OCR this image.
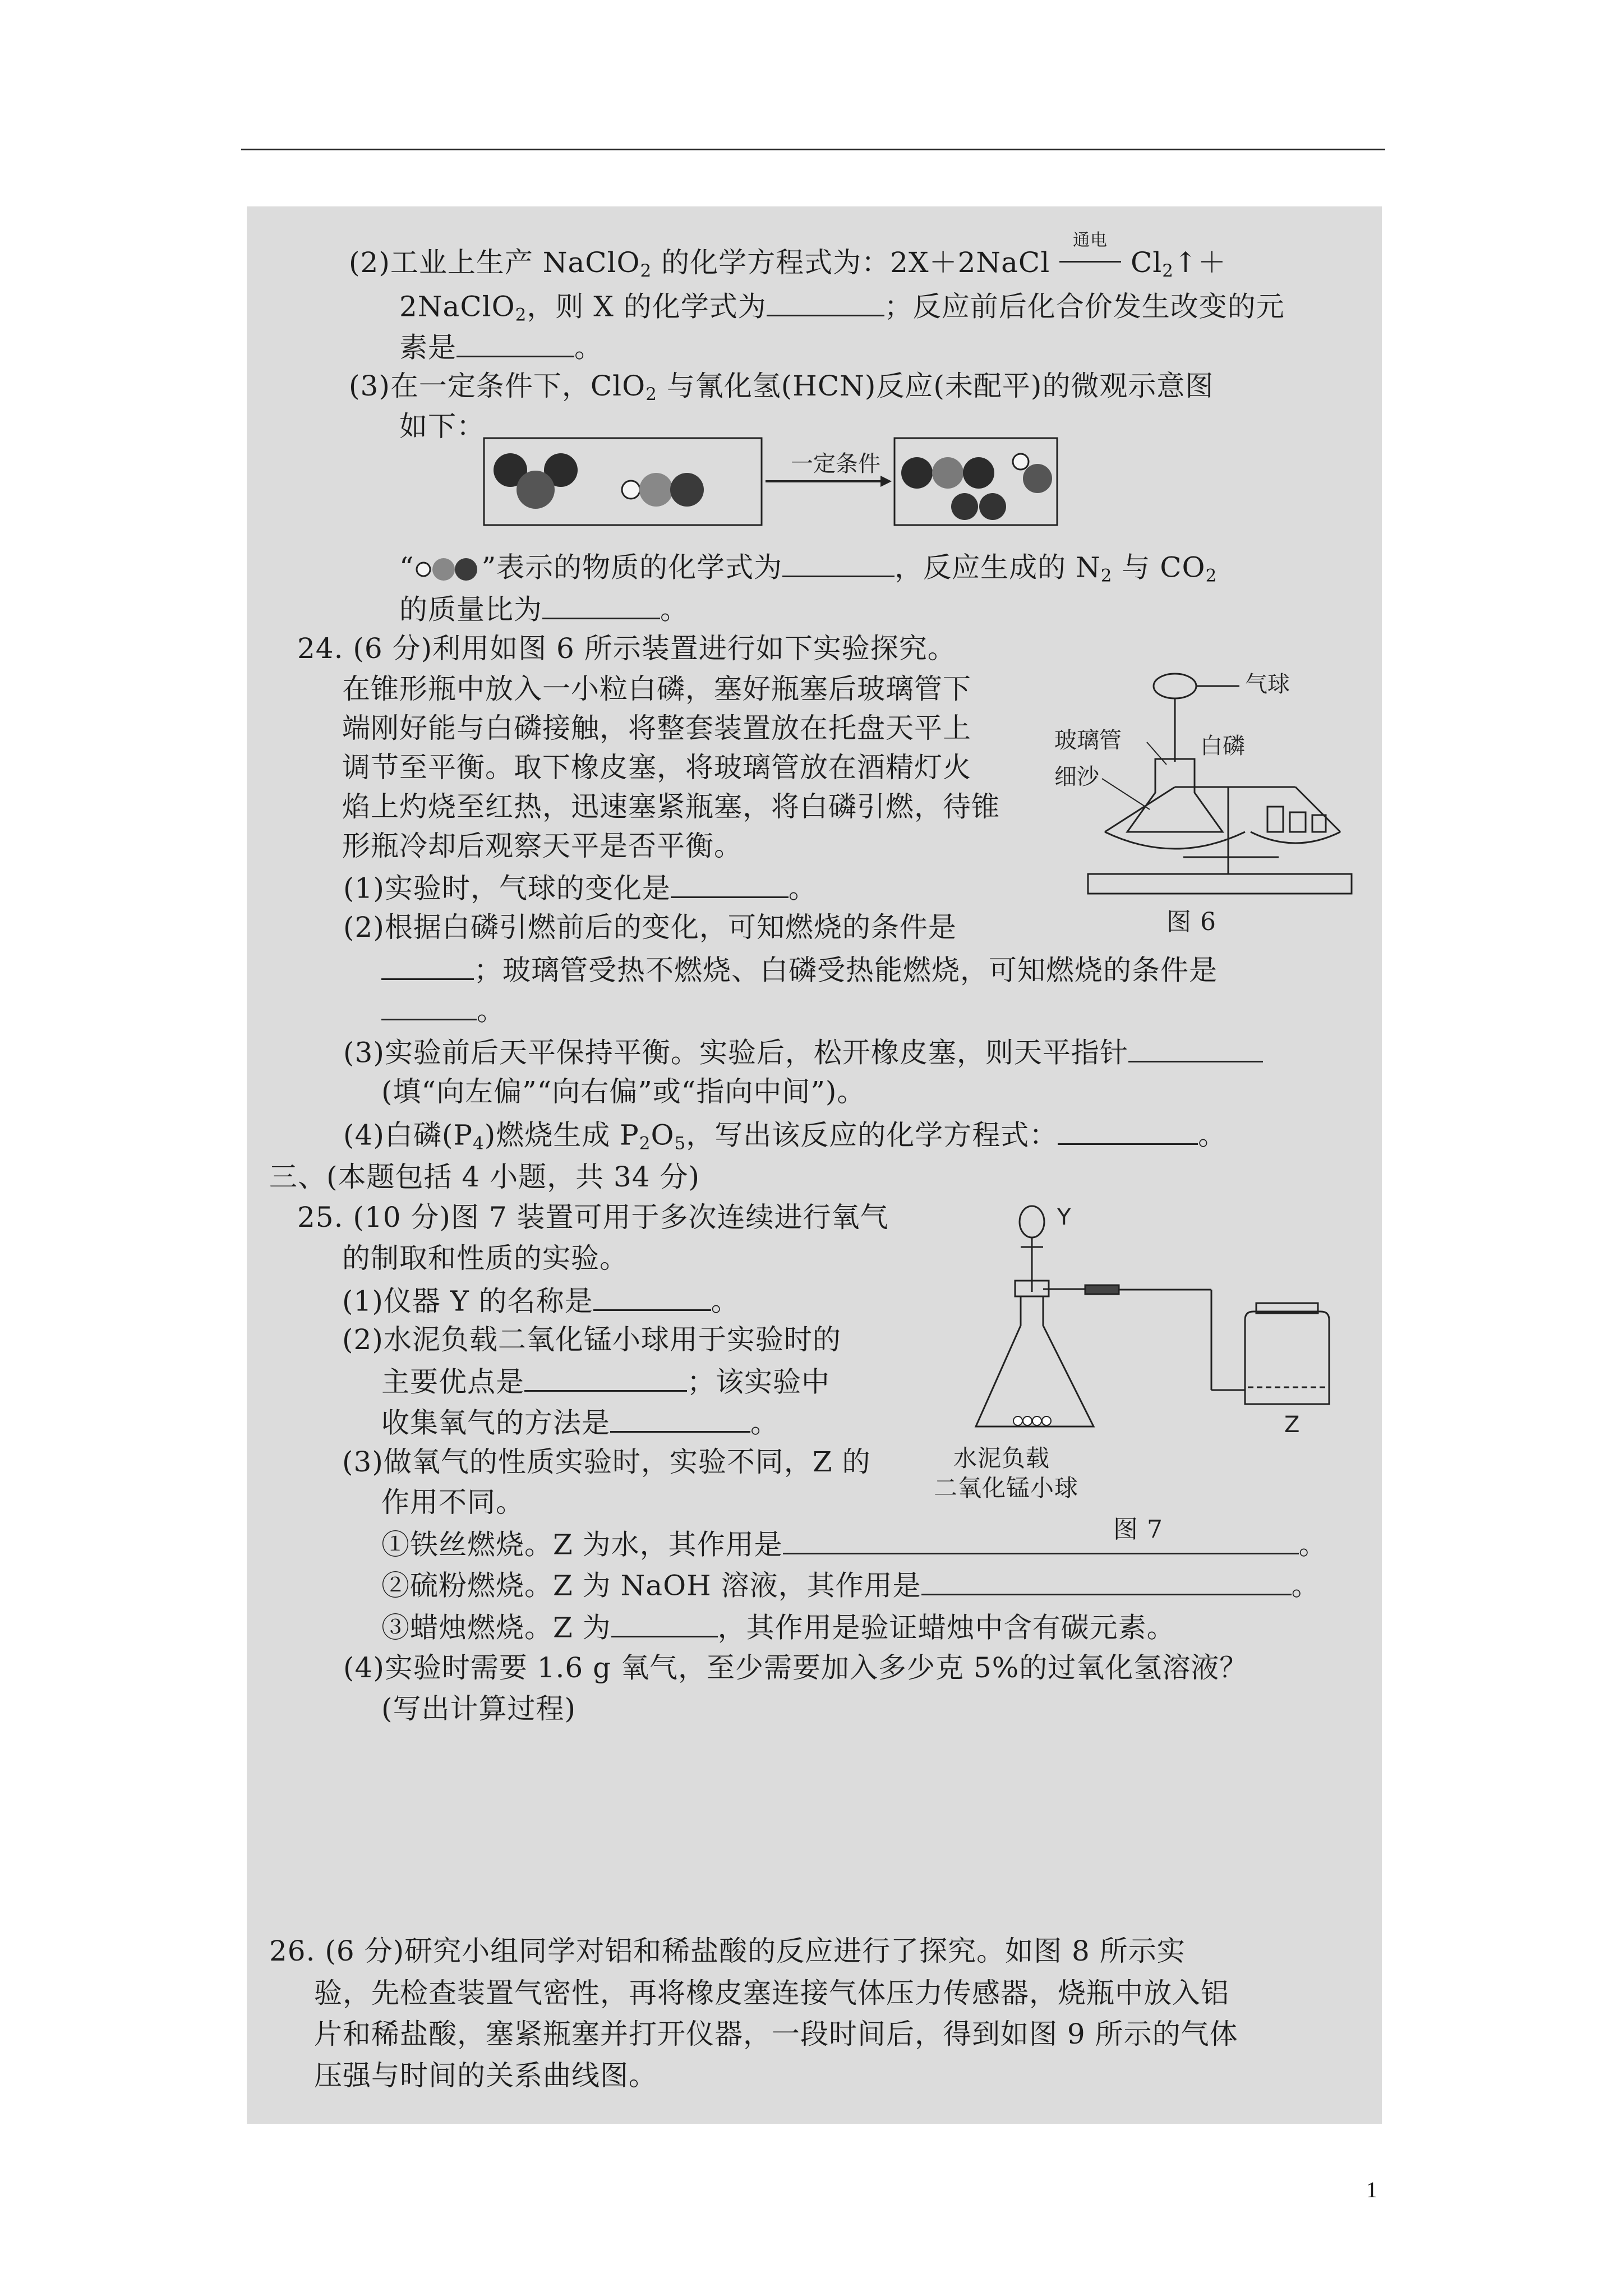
(2)工业上生产 NaClO$_2$ 的化学方程式为：2X＋2NaCl
通电
$Cl_2↑+$
2NaClO$_2$，则 X 的化学式为	；反应前后化合价发生改变的元
素是	。
(3)在一定条件下，ClO$_2$ 与氰化氢(HCN)反应(未配平)的微观示意图
如下：
一定条件
“ ”表示的物质的化学式为	，反应生成的 $N_2$ 与 $CO_2$
的质量比为	。
24. (6 分)利用如图 6 所示装置进行如下实验探究。
在锥形瓶中放入一小粒白磷，塞好瓶塞后玻璃管下
端刚好能与白磷接触，将整套装置放在托盘天平上
调节至平衡。取下橡皮塞，将玻璃管放在酒精灯火
焰上灼烧至红热，迅速塞紧瓶塞，将白磷引燃，待锥
形瓶冷却后观察天平是否平衡。
气球
玻璃管	白磷
细沙
图 6
(1)实验时，气球的变化是	。
(2)根据白磷引燃前后的变化，可知燃烧的条件是
；玻璃管受热不燃烧、白磷受热能燃烧，可知燃烧的条件是
。
(3)实验前后天平保持平衡。实验后，松开橡皮塞，则天平指针
(填“向左偏”“向右偏”或“指向中间”)。
(4)白磷$(P_4)$燃烧生成 $P_2O_5$，写出该反应的化学方程式：	。
三、(本题包括 4 小题，共 34 分)
25. (10 分)图 7 装置可用于多次连续进行氧气
的制取和性质的实验。
(1)仪器 Y 的名称是	。
(2)水泥负载二氧化锰小球用于实验时的
主要优点是	；该实验中
收集氧气的方法是	。
(3)做氧气的性质实验时，实验不同，Z 的
作用不同。
①铁丝燃烧。Z 为水，其作用是	。
②硫粉燃烧。Z 为 NaOH 溶液，其作用是	。
③蜡烛燃烧。Z 为	，其作用是验证蜡烛中含有碳元素。
(4)实验时需要 1.6 g 氧气，至少需要加入多少克 5%的过氧化氢溶液？
(写出计算过程)
Y
Z
水泥负载
二氧化锰小球
图 7
26. (6 分)研究小组同学对铝和稀盐酸的反应进行了探究。如图 8 所示实
验，先检查装置气密性，再将橡皮塞连接气体压力传感器，烧瓶中放入铝
片和稀盐酸，塞紧瓶塞并打开仪器，一段时间后，得到如图 9 所示的气体
压强与时间的关系曲线图。
1
